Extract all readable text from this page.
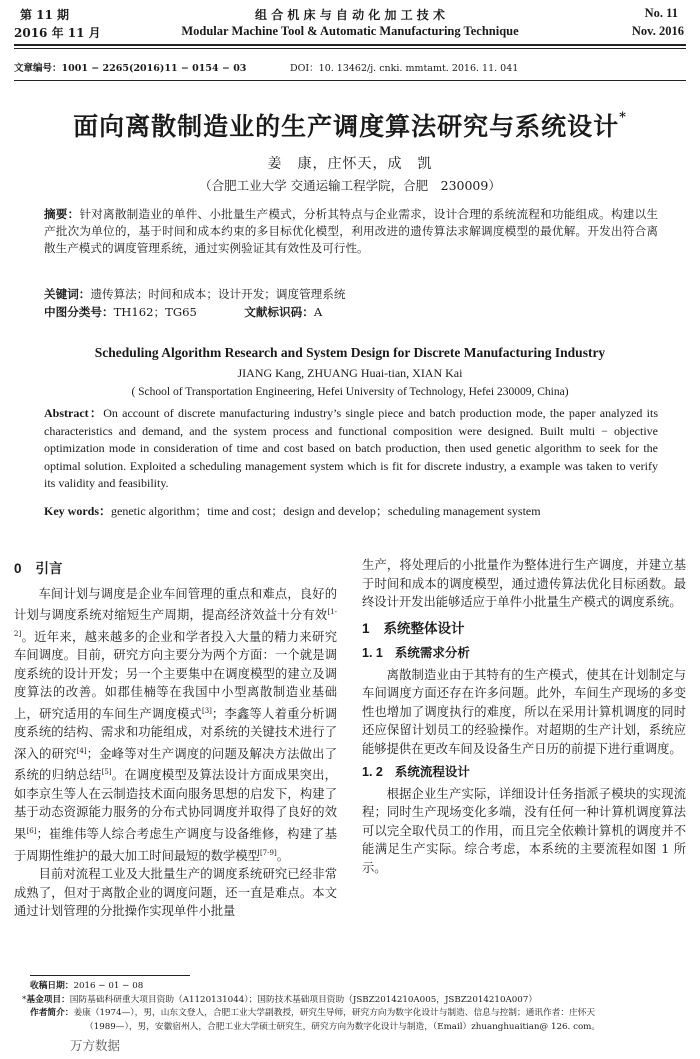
第 11 期
2016 年 11 月
组 合 机 床 与 自 动 化 加 工 技 术
Modular Machine Tool & Automatic Manufacturing Technique
No. 11
Nov. 2016
文章编号：1001 − 2265(2016)11 − 0154 − 03	DOI：10. 13462/j. cnki. mmtamt. 2016. 11. 041
面向离散制造业的生产调度算法研究与系统设计*
姜　康，庄怀天，成　凯
（合肥工业大学 交通运输工程学院，合肥　230009）
摘要：针对离散制造业的单件、小批量生产模式，分析其特点与企业需求，设计合理的系统流程和功能组成。构建以生产批次为单位的，基于时间和成本约束的多目标优化模型，利用改进的遗传算法求解调度模型的最优解。开发出符合离散生产模式的调度管理系统，通过实例验证其有效性及可行性。
关键词：遗传算法；时间和成本；设计开发；调度管理系统
中图分类号：TH162；TG65	文献标识码：A
Scheduling Algorithm Research and System Design for Discrete Manufacturing Industry
JIANG Kang, ZHUANG Huai-tian, XIAN Kai
( School of Transportation Engineering, Hefei University of Technology, Hefei 230009, China)
Abstract：On account of discrete manufacturing industry’s single piece and batch production mode, the paper analyzed its characteristics and demand, and the system process and functional composition were designed. Built multi − objective optimization mode in consideration of time and cost based on batch production, then used genetic algorithm to seek for the optimal solution. Exploited a scheduling management system which is fit for discrete industry, a example was taken to verify its validity and feasibility.
Key words：genetic algorithm；time and cost；design and develop；scheduling management system
0 引言

车间计划与调度是企业车间管理的重点和难点，良好的计划与调度系统对缩短生产周期，提高经济效益十分有效[1-2]。近年来，越来越多的企业和学者投入大量的精力来研究车间调度。目前，研究方向主要分为两个方面：一个就是调度系统的设计开发；另一个主要集中在调度模型的建立及调度算法的改善。如郡佳楠等在我国中小型离散制造业基础上，研究适用的车间生产调度模式[3]；李鑫等人着重分析调度系统的结构、需求和功能组成，对系统的关键技术进行了深入的研究[4]；金峰等对生产调度的问题及解决方法做出了系统的归纳总结[5]。在调度模型及算法设计方面成果突出，如李京生等人在云制造技术面向服务思想的启发下，构建了基于动态资源能力服务的分布式协同调度并取得了良好的效果[6]；崔维伟等人综合考虑生产调度与设备维修，构建了基于周期性维护的最大加工时间最短的数学模型[7-9]。

目前对流程工业及大批量生产的调度系统研究已经非常成熟了，但对于离散企业的调度问题，还一直是难点。本文通过计划管理的分批操作实现单件小批量

生产，将处理后的小批量作为整体进行生产调度，并建立基于时间和成本的调度模型，通过遗传算法优化目标函数。最终设计开发出能够适应于单件小批量生产模式的调度系统。

1 系统整体设计
1. 1 系统需求分析

离散制造业由于其特有的生产模式，使其在计划制定与车间调度方面还存在许多问题。此外，车间生产现场的多变性也增加了调度执行的难度，所以在采用计算机调度的同时还应保留计划员工的经验操作。对超期的生产计划，系统应能够提供在更改车间及设备生产日历的前提下进行重调度。

1. 2 系统流程设计

根据企业生产实际，详细设计任务指派子模块的实现流程；同时生产现场变化多端，没有任何一种计算机调度算法可以完全取代员工的作用，而且完全依赖计算机的调度并不能满足生产实际。综合考虑，本系统的主要流程如图 1 所示。

收稿日期：2016 − 01 − 08
*基金项目：国防基础科研重大项目资助（A1120131044）；国防技术基础项目资助（JSBZ2014210A005，JSBZ2014210A007）
作者简介：姜康（1974—），男，山东文登人，合肥工业大学副教授，研究生导师，研究方向为数字化设计与制造、信息与控制；通讯作者：庄怀天
（1989—），男，安徽宿州人，合肥工业大学硕士研究生，研究方向为数字化设计与制造，（Email）zhuanghuaitian@ 126. com。
万方数据
